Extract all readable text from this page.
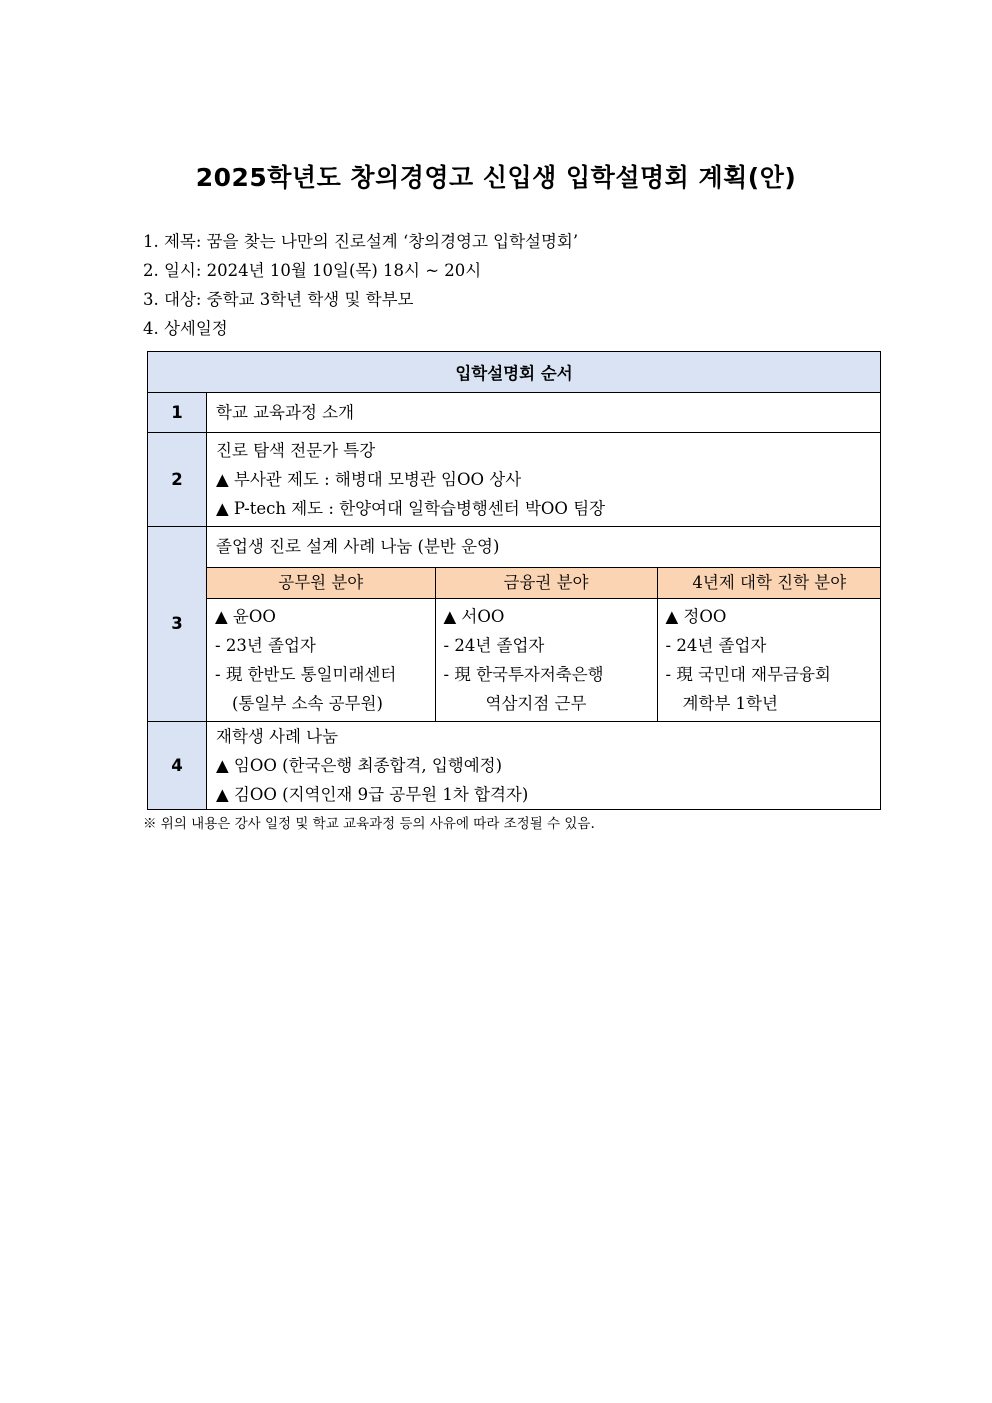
2025학년도 창의경영고 신입생 입학설명회 계획(안)
1. 제목: 꿈을 찾는 나만의 진로설계 ‘창의경영고 입학설명회’
2. 일시: 2024년 10월 10일(목) 18시 ~ 20시
3. 대상: 중학교 3학년 학생 및 학부모
4. 상세일정
입학설명회 순서
1	학교 교육과정 소개

2	
진로 탐색 전문가 특강
▲ 부사관 제도 : 해병대 모병관 임OO 상사
▲ P-tech 제도 : 한양여대 일학습병행센터 박OO 팀장

3	
졸업생 진로 설계 사례 나눔 (분반 운영)
공무원 분야	금융권 분야	4년제 대학 진학 분야

▲ 윤OO
- 23년 졸업자
- 現 한반도 통일미래센터
(통일부 소속 공무원)

▲ 서OO
- 24년 졸업자
- 現 한국투자저축은행
역삼지점 근무

▲ 정OO
- 24년 졸업자
- 現 국민대 재무금융회
계학부 1학년

4	
재학생 사례 나눔
▲ 임OO (한국은행 최종합격, 입행예정)
▲ 김OO (지역인재 9급 공무원 1차 합격자)
※ 위의 내용은 강사 일정 및 학교 교육과정 등의 사유에 따라 조정될 수 있음.
